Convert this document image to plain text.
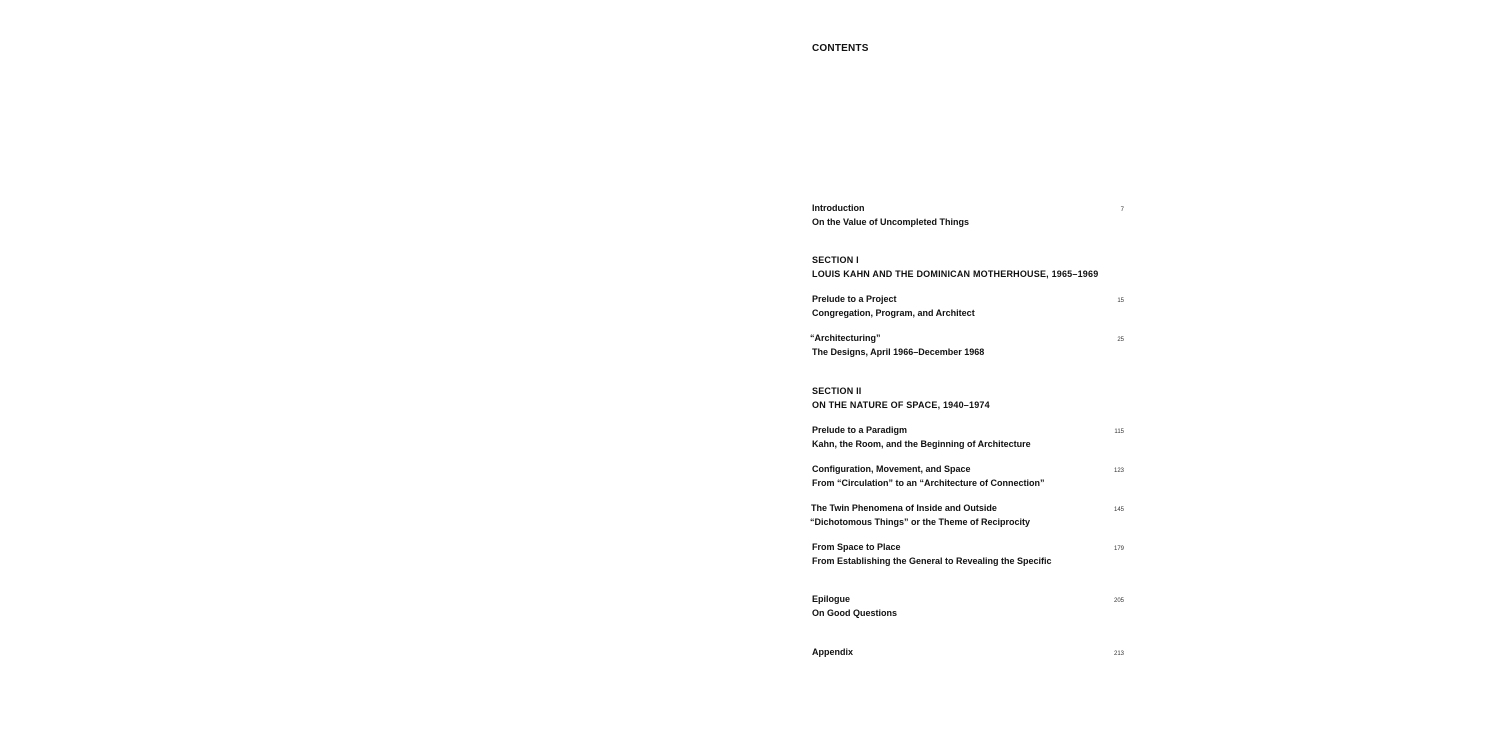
CONTENTS
Introduction
On the Value of Uncompleted Things
7
SECTION I
LOUIS KAHN AND THE DOMINICAN MOTHERHOUSE, 1965–1969
Prelude to a Project
Congregation, Program, and Architect
15
“Architecturing”
The Designs, April 1966–December 1968
25
SECTION II
ON THE NATURE OF SPACE, 1940–1974
Prelude to a Paradigm
Kahn, the Room, and the Beginning of Architecture
115
Configuration, Movement, and Space
From “Circulation” to an “Architecture of Connection”
123
The Twin Phenomena of Inside and Outside
“Dichotomous Things” or the Theme of Reciprocity
145
From Space to Place
From Establishing the General to Revealing the Specific
179
Epilogue
On Good Questions
205
Appendix	213
